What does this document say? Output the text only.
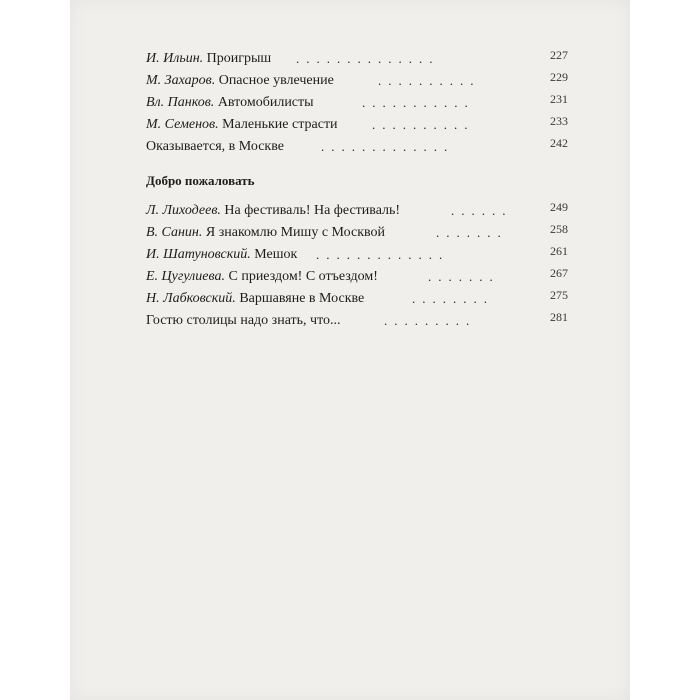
И. Ильин. Проигрыш ..............	227
М. Захаров. Опасное увлечение	..........	229
Вл. Панков. Автомобилисты	...........	231
М. Семенов. Маленькие страсти	..........	233
Оказывается, в Москве	.............	242
Добро пожаловать
Л. Лиходеев. На фестиваль! На фестиваль!	......	249
В. Санин. Я знакомлю Мишу с Москвой	.......	258
И. Шатуновский. Мешок .............	261
Е. Цугулиева. С приездом! С отъездом!	.......	267
Н. Лабковский. Варшавяне в Москве	........	275
Гостю столицы надо знать, что...	.........	281
